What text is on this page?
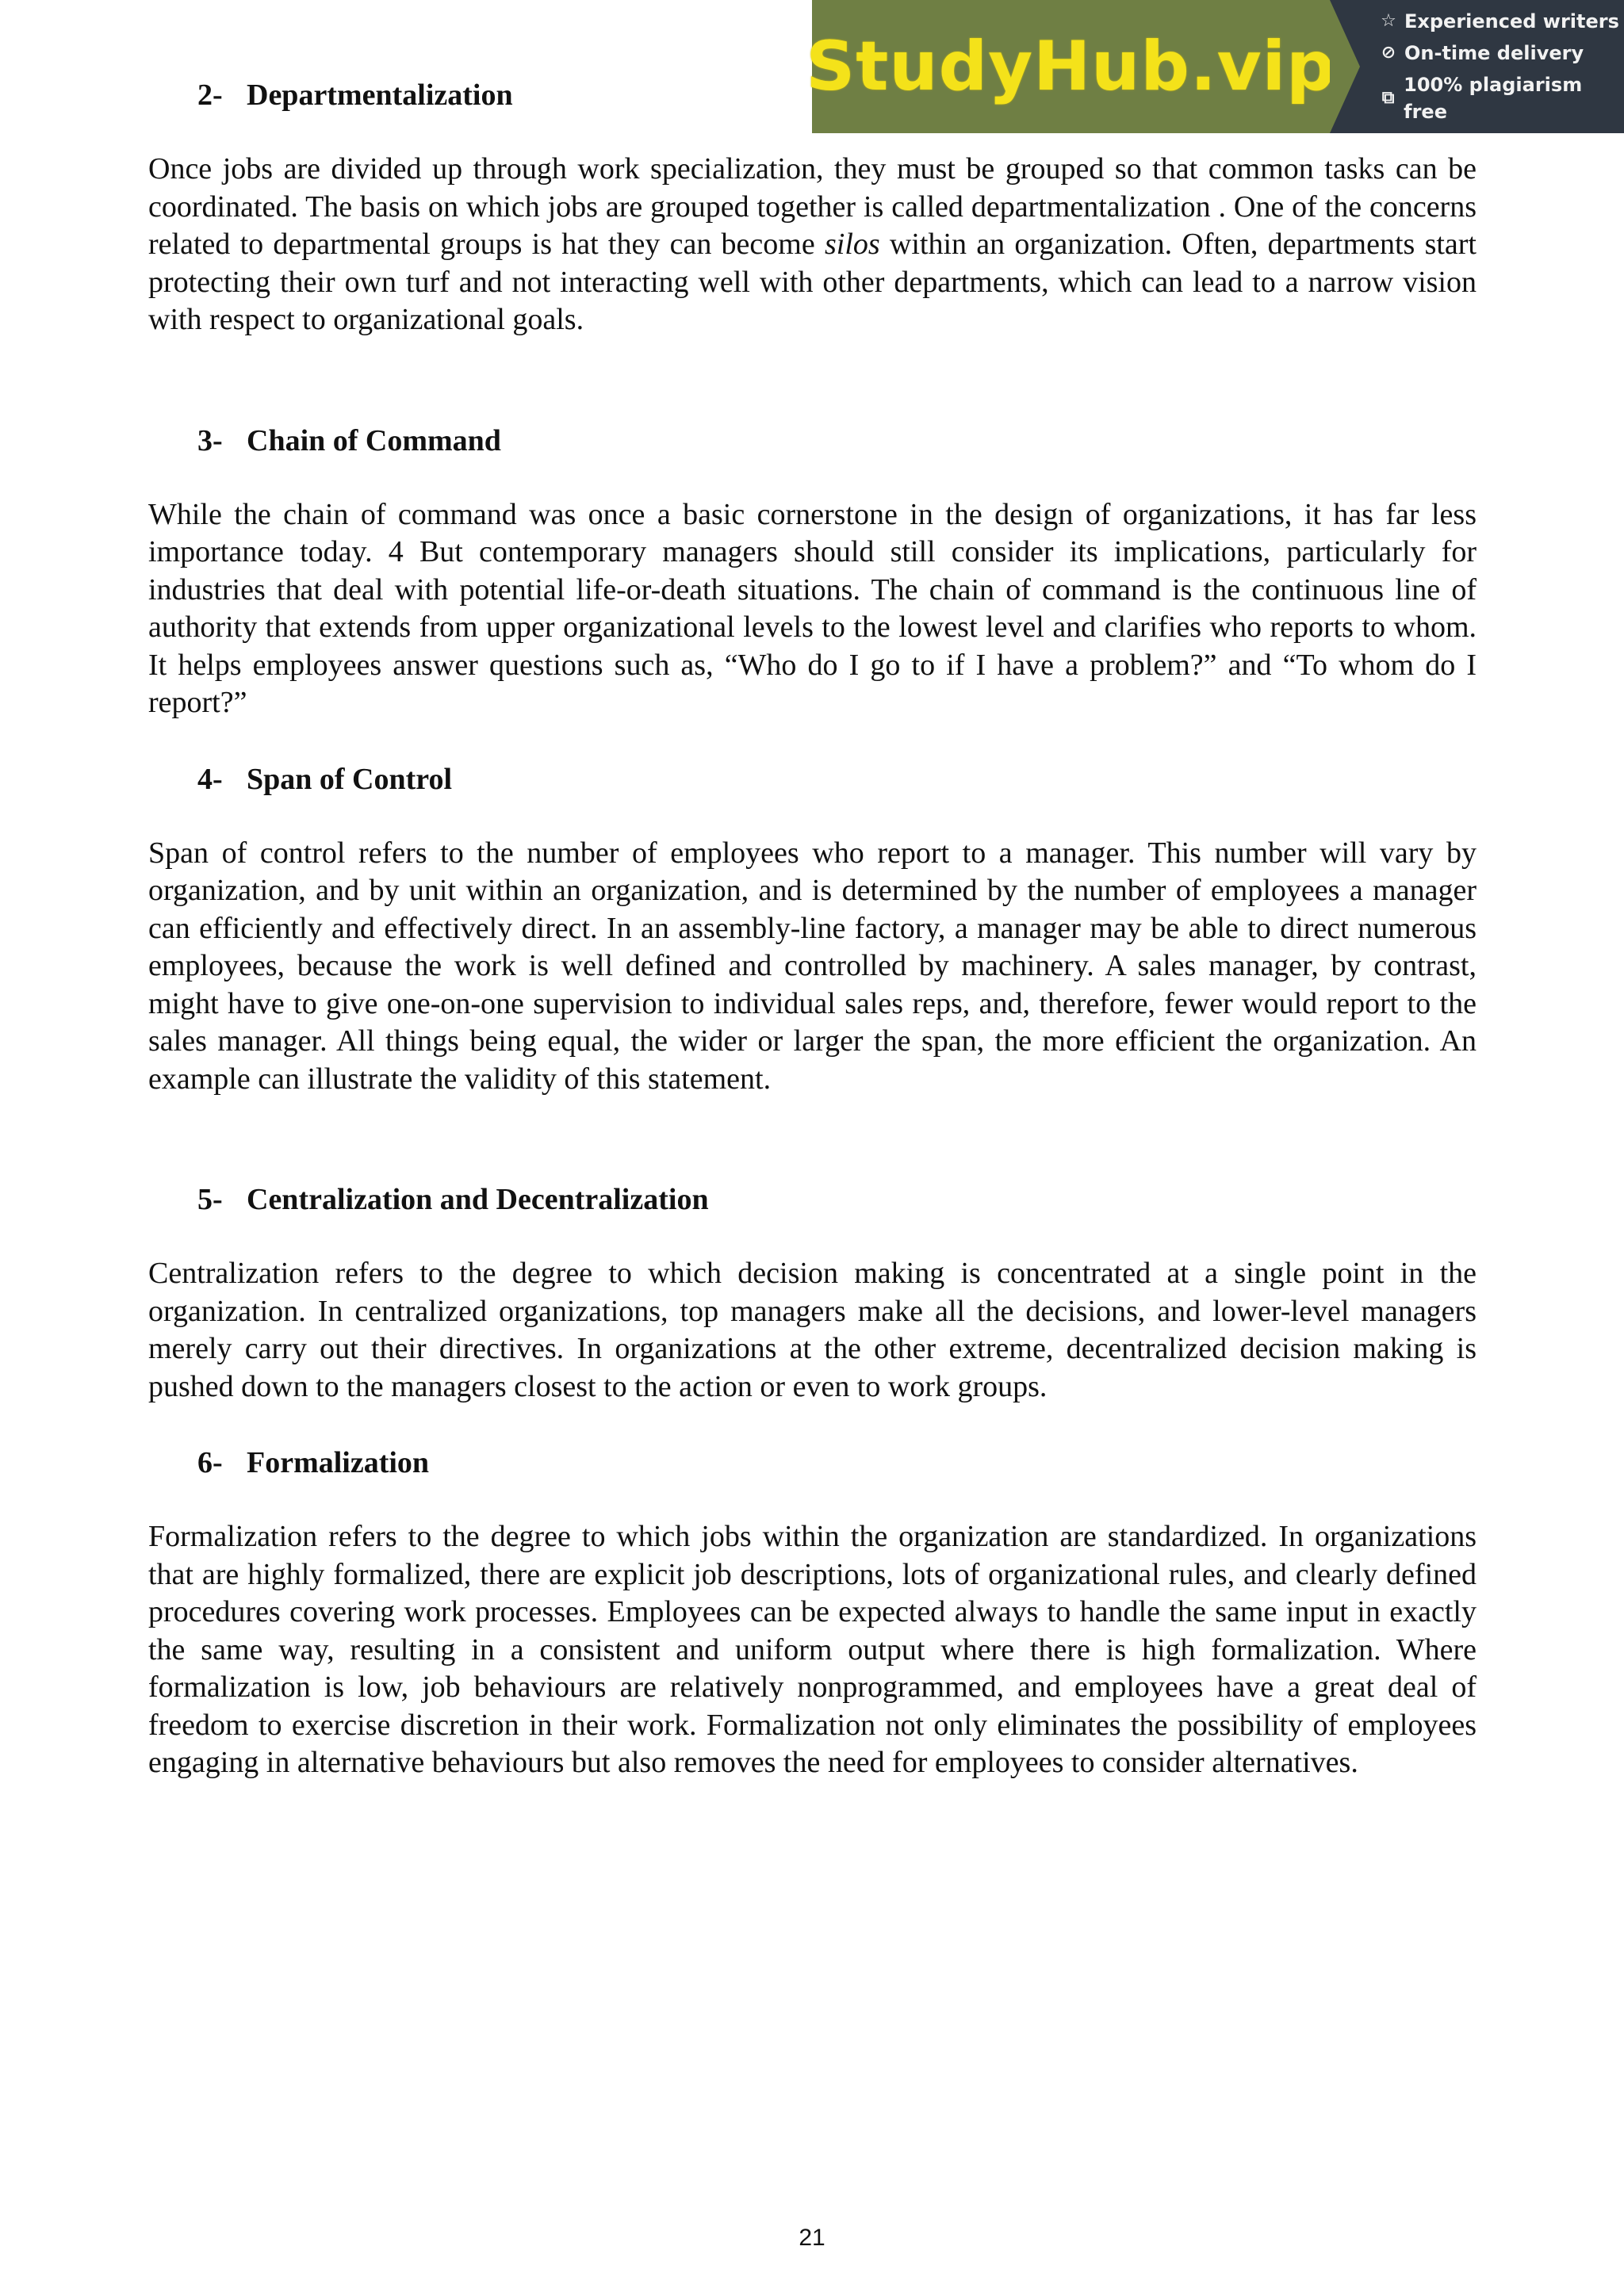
StudyHub.vip
☆ Experienced writers
⊘ On-time delivery
⧉
100% plagiarism free
2- Departmentalization

Once jobs are divided up through work specialization, they must be grouped so that common tasks can be coordinated. The basis on which jobs are grouped together is called departmentalization . One of the concerns related to departmental groups is hat they can become silos within an organization. Often, departments start protecting their own turf and not interacting well with other departments, which can lead to a narrow vision with respect to organizational goals.

3- Chain of Command

While the chain of command was once a basic cornerstone in the design of organizations, it has far less importance today. 4 But contemporary managers should still consider its implications, particularly for industries that deal with potential life-or-death situations. The chain of command is the continuous line of authority that extends from upper organizational levels to the lowest level and clarifies who reports to whom. It helps employees answer questions such as, “Who do I go to if I have a problem?” and “To whom do I report?”

4- Span of Control

Span of control refers to the number of employees who report to a manager. This number will vary by organization, and by unit within an organization, and is determined by the number of employees a manager can efficiently and effectively direct. In an assembly-line factory, a manager may be able to direct numerous employees, because the work is well defined and controlled by machinery. A sales manager, by contrast, might have to give one-on-one supervision to individual sales reps, and, therefore, fewer would report to the sales manager. All things being equal, the wider or larger the span, the more efficient the organization. An example can illustrate the validity of this statement.

5- Centralization and Decentralization

Centralization refers to the degree to which decision making is concentrated at a single point in the organization. In centralized organizations, top managers make all the decisions, and lower-level managers merely carry out their directives. In organizations at the other extreme, decentralized decision making is pushed down to the managers closest to the action or even to work groups.

6- Formalization

Formalization refers to the degree to which jobs within the organization are standardized. In organizations that are highly formalized, there are explicit job descriptions, lots of organizational rules, and clearly defined procedures covering work processes. Employees can be expected always to handle the same input in exactly the same way, resulting in a consistent and uniform output where there is high formalization. Where formalization is low, job behaviours are relatively nonprogrammed, and employees have a great deal of freedom to exercise discretion in their work. Formalization not only eliminates the possibility of employees engaging in alternative behaviours but also removes the need for employees to consider alternatives.

21
